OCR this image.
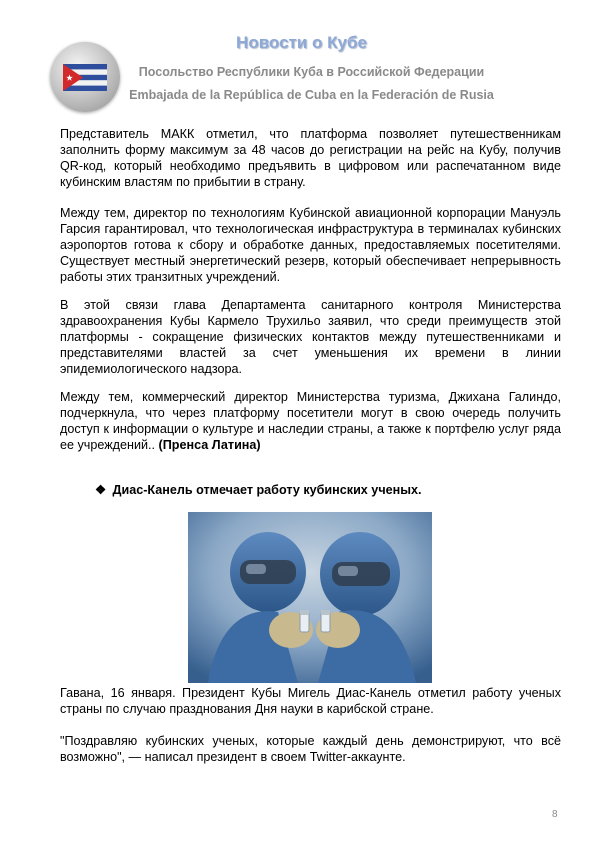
Новости о Кубе
Посольство Республики Куба в Российской Федерации
Embajada de la República de Cuba en la Federación de Rusia
Представитель МАКК отметил, что платформа позволяет путешественникам заполнить форму максимум за 48 часов до регистрации на рейс на Кубу, получив QR-код, который необходимо предъявить в цифровом или распечатанном виде кубинским властям по прибытии в страну.
Между тем, директор по технологиям Кубинской авиационной корпорации Мануэль Гарсия гарантировал, что технологическая инфраструктура в терминалах кубинских аэропортов готова к сбору и обработке данных, предоставляемых посетителями. Существует местный энергетический резерв, который обеспечивает непрерывность работы этих транзитных учреждений.
В этой связи глава Департамента санитарного контроля Министерства здравоохранения Кубы Кармело Трухильо заявил, что среди преимуществ этой платформы - сокращение физических контактов между путешественниками и представителями властей за счет уменьшения их времени в линии эпидемиологического надзора.
Между тем, коммерческий директор Министерства туризма, Джихана Галиндо, подчеркнула, что через платформу посетители могут в свою очередь получить доступ к информации о культуре и наследии страны, а также к портфелю услуг ряда ее учреждений.. (Пренса Латина)
❖ Диас-Канель отмечает работу кубинских ученых.
Гавана, 16 января. Президент Кубы Мигель Диас-Канель отметил работу ученых страны по случаю празднования Дня науки в карибской стране.
"Поздравляю кубинских ученых, которые каждый день демонстрируют, что всё возможно", — написал президент в своем Twitter-аккаунте.
8
